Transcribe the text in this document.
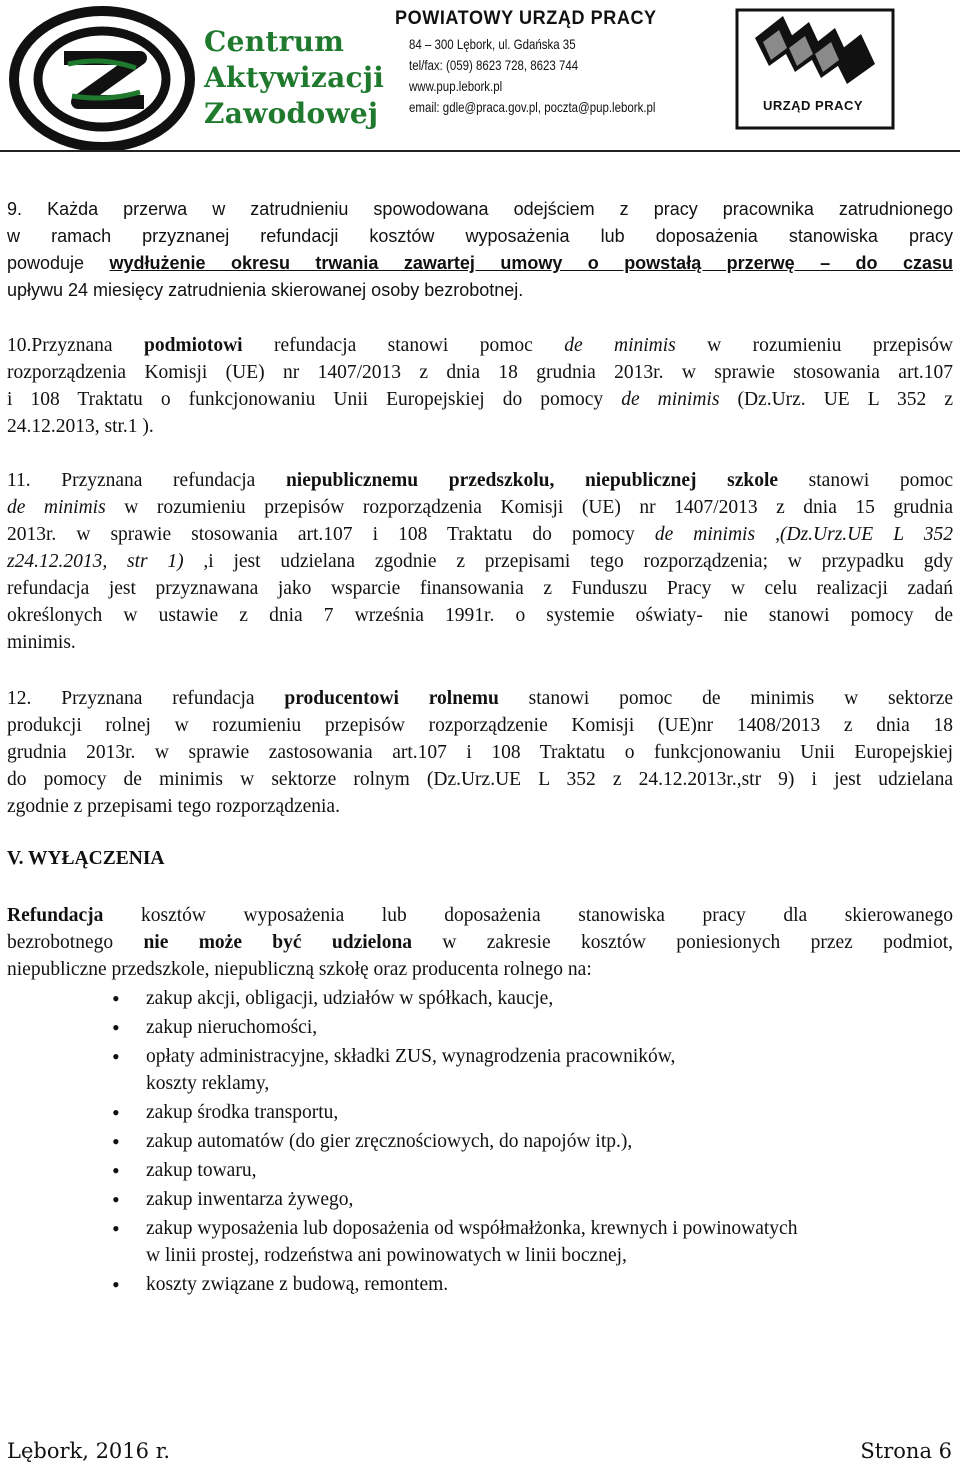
Centrum
Aktywizacji
Zawodowej
POWIATOWY URZĄD PRACY
84 – 300 Lębork, ul. Gdańska 35
tel/fax: (059) 8623 728, 8623 744
www.pup.lebork.pl
email: gdle@praca.gov.pl, poczta@pup.lebork.pl	URZĄD PRACY
9. Każda przerwa w zatrudnieniu spowodowana odejściem z pracy pracownika zatrudnionego
w ramach przyznanej refundacji kosztów wyposażenia lub doposażenia stanowiska pracy
powoduje wydłużenie okresu trwania zawartej umowy o powstałą przerwę – do czasu
upływu 24 miesięcy zatrudnienia skierowanej osoby bezrobotnej.
10.Przyznana podmiotowi refundacja stanowi pomoc de minimis w rozumieniu przepisów
rozporządzenia Komisji (UE) nr 1407/2013 z dnia 18 grudnia 2013r. w sprawie stosowania art.107
i 108 Traktatu o funkcjonowaniu Unii Europejskiej do pomocy de minimis (Dz.Urz. UE L 352 z
24.12.2013, str.1 ).
11. Przyznana refundacja niepublicznemu przedszkolu, niepublicznej szkole stanowi pomoc
de minimis w rozumieniu przepisów rozporządzenia Komisji (UE) nr 1407/2013 z dnia 15 grudnia
2013r. w sprawie stosowania art.107 i 108 Traktatu do pomocy de minimis ,(Dz.Urz.UE L 352
z24.12.2013, str 1) ,i jest udzielana zgodnie z przepisami tego rozporządzenia; w przypadku gdy
refundacja jest przyznawana jako wsparcie finansowania z Funduszu Pracy w celu realizacji zadań
określonych w ustawie z dnia 7 września 1991r. o systemie oświaty- nie stanowi pomocy de
minimis.
12. Przyznana refundacja producentowi rolnemu stanowi pomoc de minimis w sektorze
produkcji rolnej w rozumieniu przepisów rozporządzenie Komisji (UE)nr 1408/2013 z dnia 18
grudnia 2013r. w sprawie zastosowania art.107 i 108 Traktatu o funkcjonowaniu Unii Europejskiej
do pomocy de minimis w sektorze rolnym (Dz.Urz.UE L 352 z 24.12.2013r.,str 9) i jest udzielana
zgodnie z przepisami tego rozporządzenia.
V. WYŁĄCZENIA
Refundacja kosztów wyposażenia lub doposażenia stanowiska pracy dla skierowanego
bezrobotnego nie może być udzielona w zakresie kosztów poniesionych przez podmiot,
niepubliczne przedszkole, niepubliczną szkołę oraz producenta rolnego na:
• zakup akcji, obligacji, udziałów w spółkach, kaucje,
• zakup nieruchomości,
• opłaty administracyjne, składki ZUS, wynagrodzenia pracowników,
koszty reklamy,
• zakup środka transportu,
• zakup automatów (do gier zręcznościowych, do napojów itp.),
• zakup towaru,
• zakup inwentarza żywego,
• zakup wyposażenia lub doposażenia od współmałżonka, krewnych i powinowatych
w linii prostej, rodzeństwa ani powinowatych w linii bocznej,
• koszty związane z budową, remontem.
Lębork, 2016 r.	Strona 6
